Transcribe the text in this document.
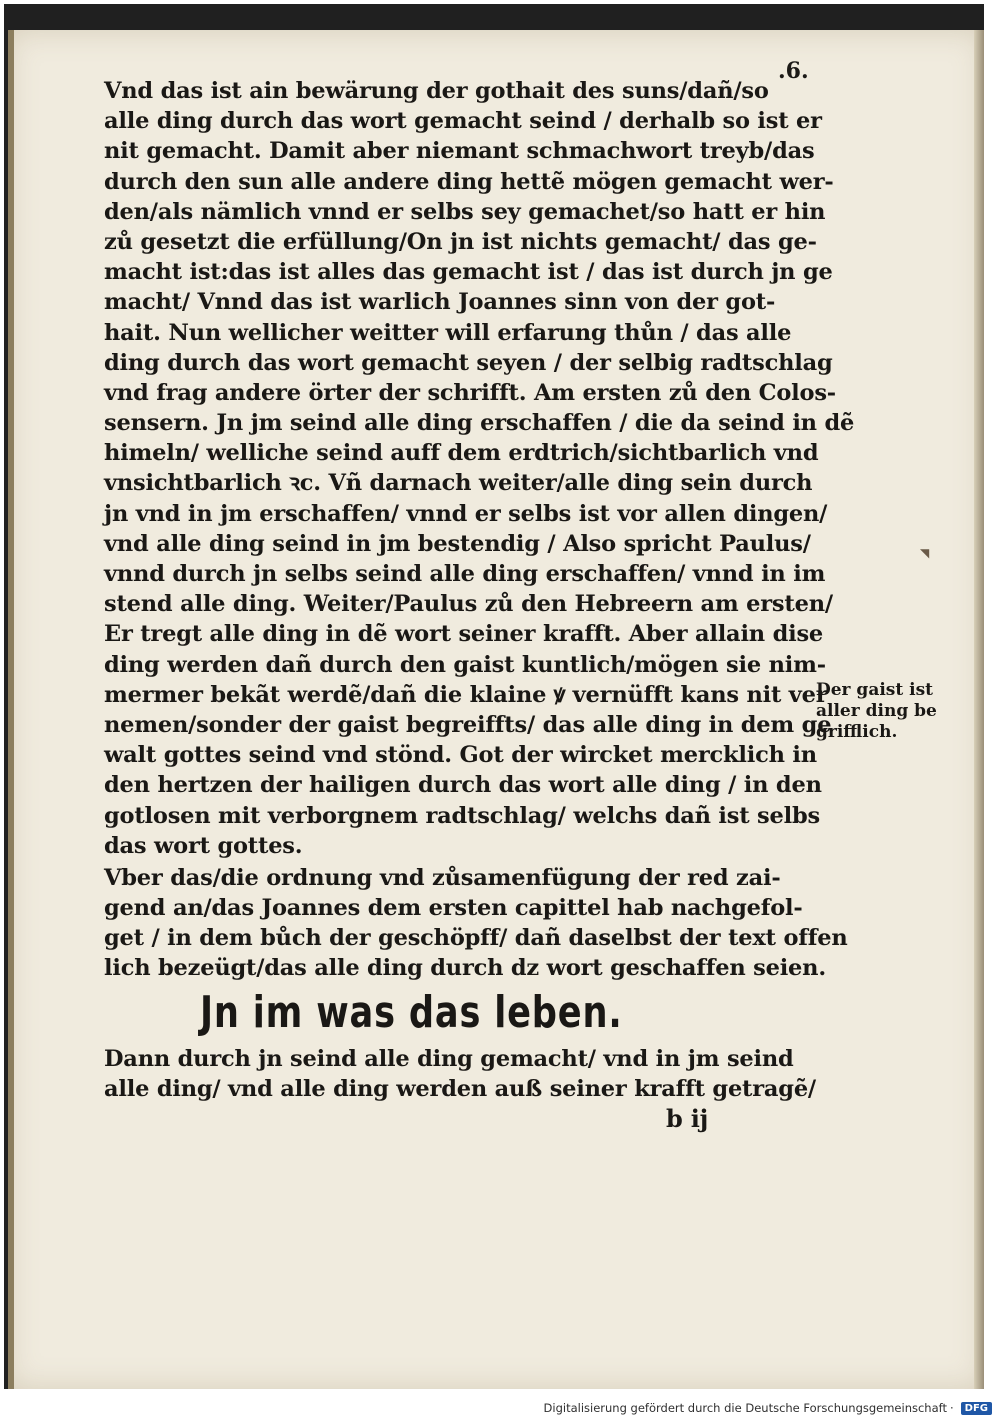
.6.
Vnd das ist ain bewärung der gothait des suns/dañ/so
alle ding durch das wort gemacht seind / derhalb so ist er
nit gemacht. Damit aber niemant schmachwort treyb/das
durch den sun alle andere ding hettẽ mögen gemacht wer-
den/als nämlich vnnd er selbs sey gemachet/so hatt er hin
zů gesetzt die erfüllung/On jn ist nichts gemacht/ das ge-
macht ist:das ist alles das gemacht ist / das ist durch jn ge
macht/ Vnnd das ist warlich Joannes sinn von der got-
hait. Nun wellicher weitter will erfarung thůn / das alle
ding durch das wort gemacht seyen / der selbig radtschlag
vnd frag andere örter der schrifft. Am ersten zů den Colos-
sensern. Jn jm seind alle ding erschaffen / die da seind in dẽ
himeln/ welliche seind auff dem erdtrich/sichtbarlich vnd
vnsichtbarlich ꝛc. Vñ darnach weiter/alle ding sein durch
jn vnd in jm erschaffen/ vnnd er selbs ist vor allen dingen/
vnd alle ding seind in jm bestendig / Also spricht Paulus/
vnnd durch jn selbs seind alle ding erschaffen/ vnnd in im
stend alle ding. Weiter/Paulus zů den Hebreern am ersten/
Er tregt alle ding in dẽ wort seiner krafft. Aber allain dise
ding werden dañ durch den gaist kuntlich/mögen sie nim-
mermer bekãt werdẽ/dañ die klaine ꝟ vernüfft kans nit ver
nemen/sonder der gaist begreiffts/ das alle ding in dem ge
walt gottes seind vnd stönd. Got der wircket mercklich in
den hertzen der hailigen durch das wort alle ding / in den
gotlosen mit verborgnem radtschlag/ welchs dañ ist selbs
das wort gottes.
Vber das/die ordnung vnd zůsamenfügung der red zai-
gend an/das Joannes dem ersten capittel hab nachgefol-
get / in dem bůch der geschöpff/ dañ daselbst der text offen
lich bezeügt/das alle ding durch dz wort geschaffen seien.
Jn im was das leben.
Dann durch jn seind alle ding gemacht/ vnd in jm seind
alle ding/ vnd alle ding werden auß seiner krafft getragẽ/
b ij
◥
Der gaist ist
aller ding be
grifflich.
Digitalisierung gefördert durch die Deutsche Forschungsgemeinschaft ·	DFG
